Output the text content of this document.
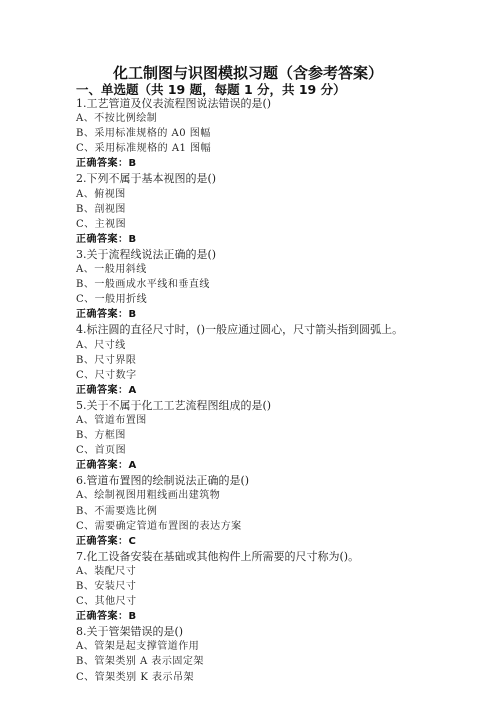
化工制图与识图模拟习题（含参考答案）
一、单选题（共 19 题，每题 1 分，共 19 分）
1.工艺管道及仪表流程图说法错误的是()
A、不按比例绘制
B、采用标准规格的 A0 图幅
C、采用标准规格的 A1 图幅
正确答案：B
2.下列不属于基本视图的是()
A、俯视图
B、剖视图
C、主视图
正确答案：B
3.关于流程线说法正确的是()
A、一般用斜线
B、一般画成水平线和垂直线
C、一般用折线
正确答案：B
4.标注圆的直径尺寸时，()一般应通过圆心，尺寸箭头指到圆弧上。
A、尺寸线
B、尺寸界限
C、尺寸数字
正确答案：A
5.关于不属于化工工艺流程图组成的是()
A、管道布置图
B、方框图
C、首页图
正确答案：A
6.管道布置图的绘制说法正确的是()
A、绘制视图用粗线画出建筑物
B、不需要选比例
C、需要确定管道布置图的表达方案
正确答案：C
7.化工设备安装在基础或其他构件上所需要的尺寸称为()。
A、装配尺寸
B、安装尺寸
C、其他尺寸
正确答案：B
8.关于管架错误的是()
A、管架是起支撑管道作用
B、管架类别 A 表示固定架
C、管架类别 K 表示吊架
